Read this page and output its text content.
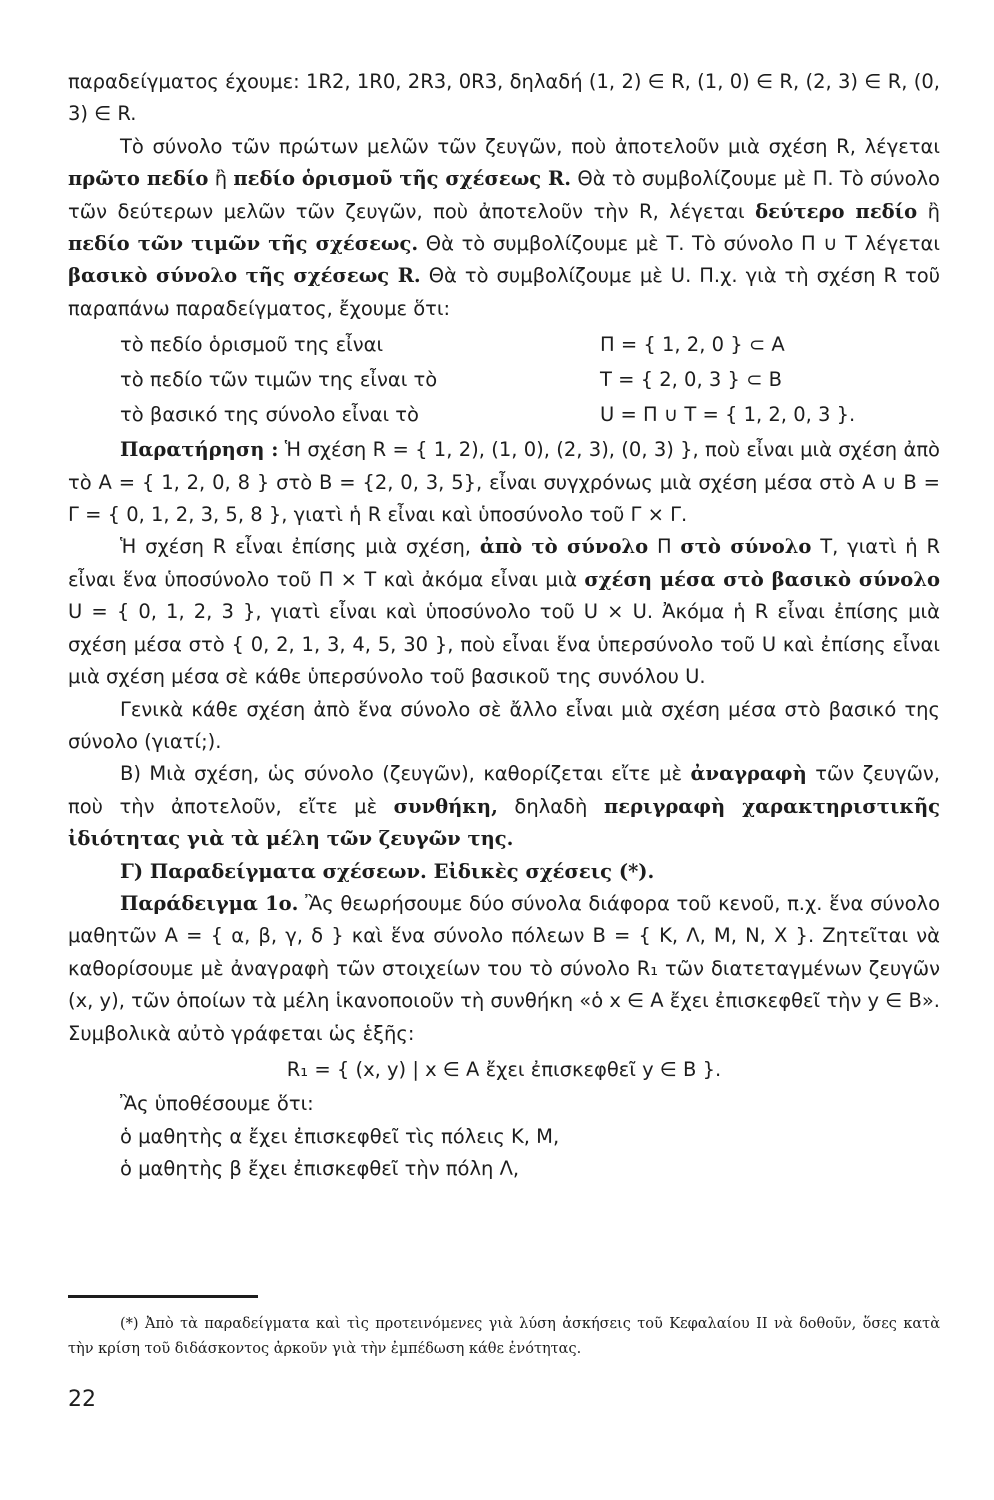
παραδείγματος έχουμε: 1R2, 1R0, 2R3, 0R3, δηλαδή (1, 2) ∈ R, (1, 0) ∈ R, (2, 3) ∈ R, (0, 3) ∈ R.

Τὸ σύνολο τῶν πρώτων μελῶν τῶν ζευγῶν, ποὺ ἀποτελοῦν μιὰ σχέση R, λέγεται πρῶτο πεδίο ἢ πεδίο ὁρισμοῦ τῆς σχέσεως R. Θὰ τὸ συμβολίζουμε μὲ Π. Τὸ σύνολο τῶν δεύτερων μελῶν τῶν ζευγῶν, ποὺ ἀποτελοῦν τὴν R, λέγεται δεύτερο πεδίο ἢ πεδίο τῶν τιμῶν τῆς σχέσεως. Θὰ τὸ συμβολίζουμε μὲ Τ. Τὸ σύνολο Π ∪ Τ λέγεται βασικὸ σύνολο τῆς σχέσεως R. Θὰ τὸ συμβολίζουμε μὲ U. Π.χ. γιὰ τὴ σχέση R τοῦ παραπάνω παραδείγματος, ἔχουμε ὅτι:

τὸ πεδίο ὁρισμοῦ της εἶναι	Π = { 1, 2, 0 } ⊂ Α
τὸ πεδίο τῶν τιμῶν της εἶναι τὸ	Τ = { 2, 0, 3 } ⊂ Β
τὸ βασικό της σύνολο εἶναι τὸ	U = Π ∪ Τ = { 1, 2, 0, 3 }.

Παρατήρηση : Ἡ σχέση R = { 1, 2), (1, 0), (2, 3), (0, 3) }, ποὺ εἶναι μιὰ σχέση ἀπὸ τὸ Α = { 1, 2, 0, 8 } στὸ Β = {2, 0, 3, 5}, εἶναι συγχρόνως μιὰ σχέση μέσα στὸ Α ∪ Β = Γ = { 0, 1, 2, 3, 5, 8 }, γιατὶ ἡ R εἶναι καὶ ὑποσύνολο τοῦ Γ × Γ.

Ἡ σχέση R εἶναι ἐπίσης μιὰ σχέση, ἀπὸ τὸ σύνολο Π στὸ σύνολο Τ, γιατὶ ἡ R εἶναι ἕνα ὑποσύνολο τοῦ Π × Τ καὶ ἀκόμα εἶναι μιὰ σχέση μέσα στὸ βασικὸ σύνολο U = { 0, 1, 2, 3 }, γιατὶ εἶναι καὶ ὑποσύνολο τοῦ U × U. Ἀκόμα ἡ R εἶναι ἐπίσης μιὰ σχέση μέσα στὸ { 0, 2, 1, 3, 4, 5, 30 }, ποὺ εἶναι ἕνα ὑπερσύνολο τοῦ U καὶ ἐπίσης εἶναι μιὰ σχέση μέσα σὲ κάθε ὑπερσύνολο τοῦ βασικοῦ της συνόλου U.

Γενικὰ κάθε σχέση ἀπὸ ἕνα σύνολο σὲ ἄλλο εἶναι μιὰ σχέση μέσα στὸ βασικό της σύνολο (γιατί;).

Β) Μιὰ σχέση, ὡς σύνολο (ζευγῶν), καθορίζεται εἴτε μὲ ἀναγραφὴ τῶν ζευγῶν, ποὺ τὴν ἀποτελοῦν, εἴτε μὲ συνθήκη, δηλαδὴ περιγραφὴ χαρακτηριστικῆς ἰδιότητας γιὰ τὰ μέλη τῶν ζευγῶν της.

Γ) Παραδείγματα σχέσεων. Εἰδικὲς σχέσεις (*).

Παράδειγμα 1ο. Ἂς θεωρήσουμε δύο σύνολα διάφορα τοῦ κενοῦ, π.χ. ἕνα σύνολο μαθητῶν Α = { α, β, γ, δ } καὶ ἕνα σύνολο πόλεων Β = { Κ, Λ, Μ, Ν, Χ }. Ζητεῖται νὰ καθορίσουμε μὲ ἀναγραφὴ τῶν στοιχείων του τὸ σύνολο R₁ τῶν διατεταγμένων ζευγῶν (x, y), τῶν ὁποίων τὰ μέλη ἱκανοποιοῦν τὴ συνθήκη «ὁ x ∈ Α ἔχει ἐπισκεφθεῖ τὴν y ∈ Β». Συμβολικὰ αὐτὸ γράφεται ὡς ἑξῆς:

R₁ = { (x, y) | x ∈ Α ἔχει ἐπισκεφθεῖ y ∈ Β }.

Ἂς ὑποθέσουμε ὅτι:

ὁ μαθητὴς α ἔχει ἐπισκεφθεῖ τὶς πόλεις Κ, Μ,

ὁ μαθητὴς β ἔχει ἐπισκεφθεῖ τὴν πόλη Λ,

(*) Ἀπὸ τὰ παραδείγματα καὶ τὶς προτεινόμενες γιὰ λύση ἀσκήσεις τοῦ Κεφαλαίου ΙΙ νὰ δοθοῦν, ὅσες κατὰ τὴν κρίση τοῦ διδάσκοντος ἀρκοῦν γιὰ τὴν ἐμπέδωση κάθε ἑνότητας.

22
